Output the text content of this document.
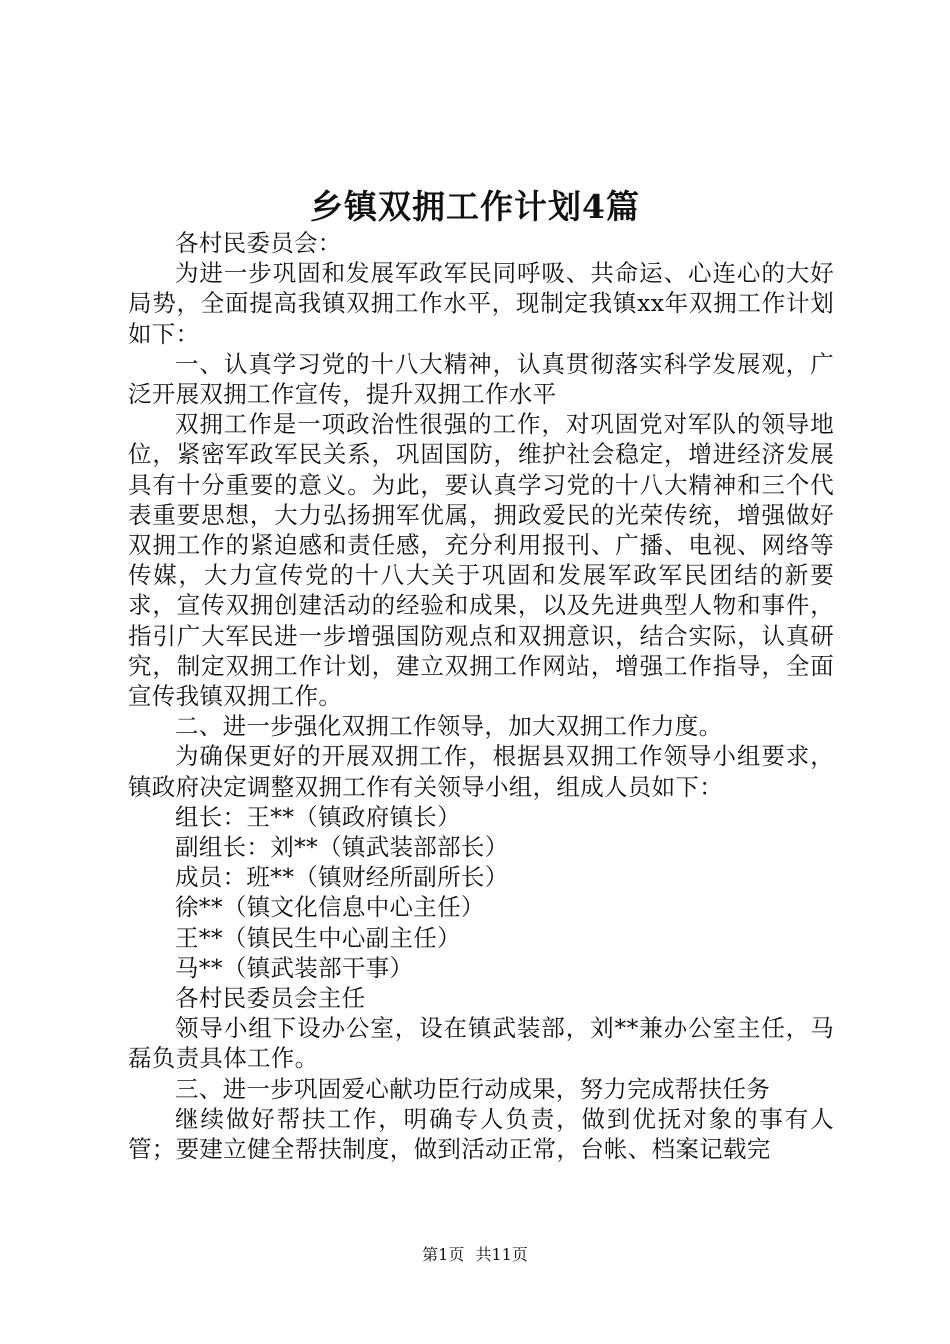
乡镇双拥工作计划4篇

各村民委员会：

为进一步巩固和发展军政军民同呼吸、共命运、心连心的大好局势，全面提高我镇双拥工作水平，现制定我镇xx年双拥工作计划如下：

一、认真学习党的十八大精神，认真贯彻落实科学发展观，广泛开展双拥工作宣传，提升双拥工作水平

双拥工作是一项政治性很强的工作，对巩固党对军队的领导地位，紧密军政军民关系，巩固国防，维护社会稳定，增进经济发展具有十分重要的意义。为此，要认真学习党的十八大精神和三个代表重要思想，大力弘扬拥军优属，拥政爱民的光荣传统，增强做好双拥工作的紧迫感和责任感，充分利用报刊、广播、电视、网络等传媒，大力宣传党的十八大关于巩固和发展军政军民团结的新要求，宣传双拥创建活动的经验和成果，以及先进典型人物和事件，指引广大军民进一步增强国防观点和双拥意识，结合实际，认真研究，制定双拥工作计划，建立双拥工作网站，增强工作指导，全面宣传我镇双拥工作。

二、进一步强化双拥工作领导，加大双拥工作力度。

为确保更好的开展双拥工作，根据县双拥工作领导小组要求，镇政府决定调整双拥工作有关领导小组，组成人员如下：

组长：王**（镇政府镇长）

副组长：刘**（镇武装部部长）

成员：班**（镇财经所副所长）

徐**（镇文化信息中心主任）

王**（镇民生中心副主任）

马**（镇武装部干事）

各村民委员会主任

领导小组下设办公室，设在镇武装部，刘**兼办公室主任，马磊负责具体工作。

三、进一步巩固爱心献功臣行动成果，努力完成帮扶任务

继续做好帮扶工作，明确专人负责，做到优抚对象的事有人管；要建立健全帮扶制度，做到活动正常，台帐、档案记载完

第1页 共11页
